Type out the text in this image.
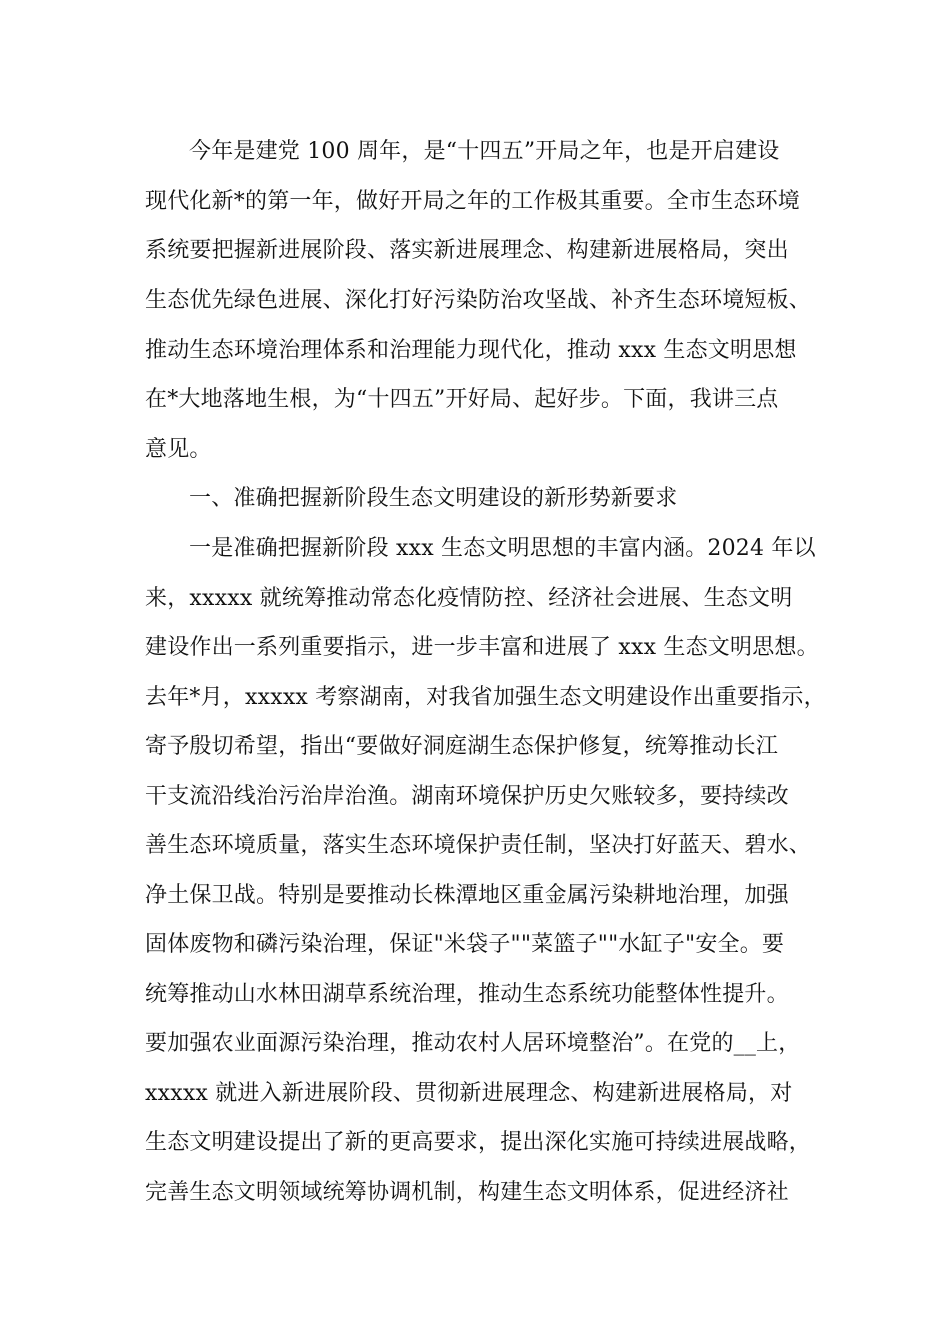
今年是建党 100 周年，是“十四五”开局之年，也是开启建设

现代化新*的第一年，做好开局之年的工作极其重要。全市生态环境

系统要把握新进展阶段、落实新进展理念、构建新进展格局，突出

生态优先绿色进展、深化打好污染防治攻坚战、补齐生态环境短板、

推动生态环境治理体系和治理能力现代化，推动 xxx 生态文明思想

在*大地落地生根，为“十四五”开好局、起好步。下面，我讲三点

意见。

一、准确把握新阶段生态文明建设的新形势新要求

一是准确把握新阶段 xxx 生态文明思想的丰富内涵。2024 年以

来，xxxxx 就统筹推动常态化疫情防控、经济社会进展、生态文明

建设作出一系列重要指示，进一步丰富和进展了 xxx 生态文明思想。

去年*月，xxxxx 考察湖南，对我省加强生态文明建设作出重要指示，

寄予殷切希望，指出“要做好洞庭湖生态保护修复，统筹推动长江

干支流沿线治污治岸治渔。湖南环境保护历史欠账较多，要持续改

善生态环境质量，落实生态环境保护责任制，坚决打好蓝天、碧水、

净土保卫战。特别是要推动长株潭地区重金属污染耕地治理，加强

固体废物和磷污染治理，保证"米袋子""菜篮子""水缸子"安全。要

统筹推动山水林田湖草系统治理，推动生态系统功能整体性提升。

要加强农业面源污染治理，推动农村人居环境整治”。在党的__上，

xxxxx 就进入新进展阶段、贯彻新进展理念、构建新进展格局，对

生态文明建设提出了新的更高要求，提出深化实施可持续进展战略，

完善生态文明领域统筹协调机制，构建生态文明体系，促进经济社
